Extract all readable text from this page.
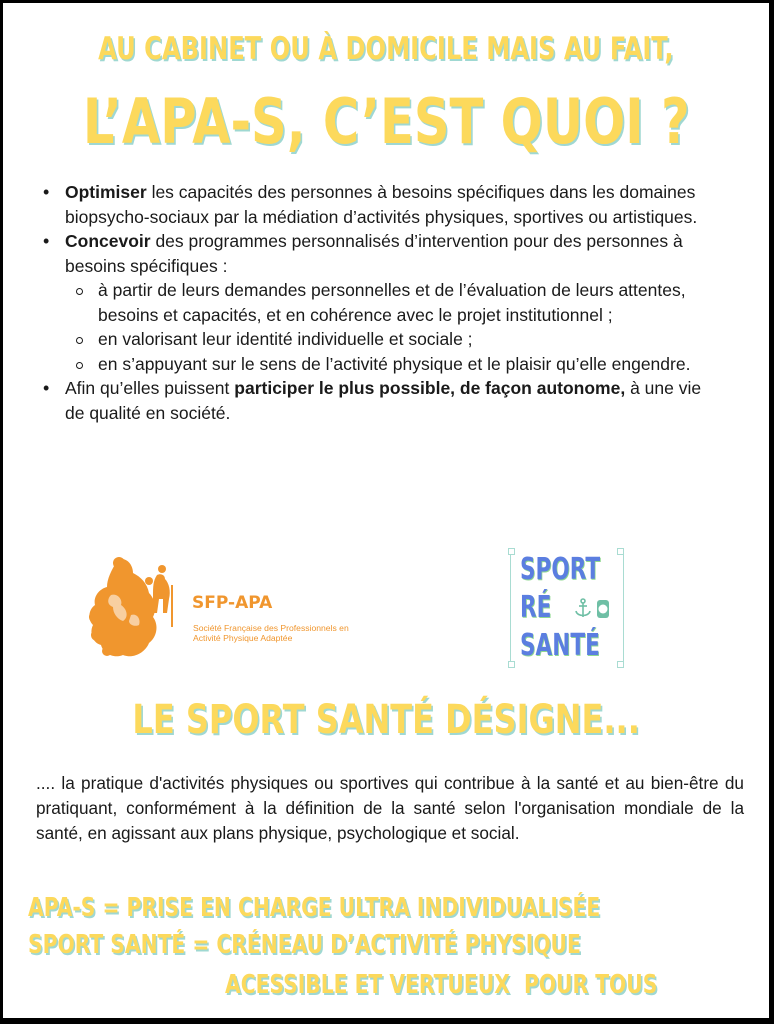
AU CABINET OU À DOMICILE MAIS AU FAIT,
L’APA-S, C’EST QUOI ?
• Optimiser les capacités des personnes à besoins spécifiques dans les domaines biopsycho-sociaux par la médiation d’activités physiques, sportives ou artistiques.
• Concevoir des programmes personnalisés d’intervention pour des personnes à besoins spécifiques :
à partir de leurs demandes personnelles et de l’évaluation de leurs attentes, besoins et capacités, et en cohérence avec le projet institutionnel ;
en valorisant leur identité individuelle et sociale ;
en s’appuyant sur le sens de l’activité physique et le plaisir qu’elle engendre.
• Afin qu’elles puissent participer le plus possible, de façon autonome, à une vie de qualité en société.
SFP-APA
Société Française des Professionnels en
Activité Physique Adaptée
SPORT
RÉ
SANTÉ
LE SPORT SANTÉ DÉSIGNE...
.... la pratique d'activités physiques ou sportives qui contribue à la santé et au bien-être du pratiquant, conformément à la définition de la santé selon l'organisation mondiale de la santé, en agissant aux plans physique, psychologique et social.
APA-S = PRISE EN CHARGE ULTRA INDIVIDUALISÉE
SPORT SANTÉ = CRÉNEAU D’ACTIVITÉ PHYSIQUE
ACESSIBLE ET VERTUEUX  POUR TOUS
